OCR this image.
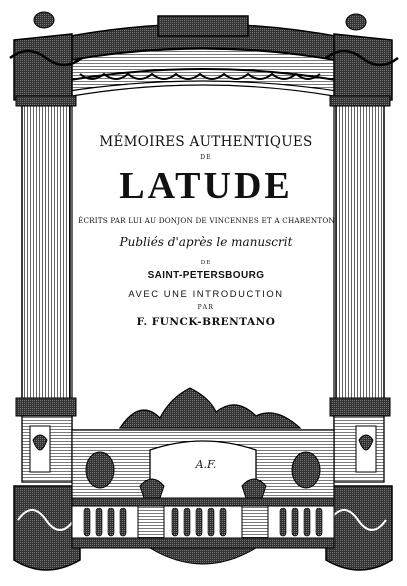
MÉMOIRES AUTHENTIQUES
DE
LATUDE
ÉCRITS PAR LUI AU DONJON DE VINCENNES ET A CHARENTON
Publiés d'après le manuscrit
DE
SAINT-PETERSBOURG
AVEC UNE INTRODUCTION
PAR
F. FUNCK-BRENTANO
A.F.
